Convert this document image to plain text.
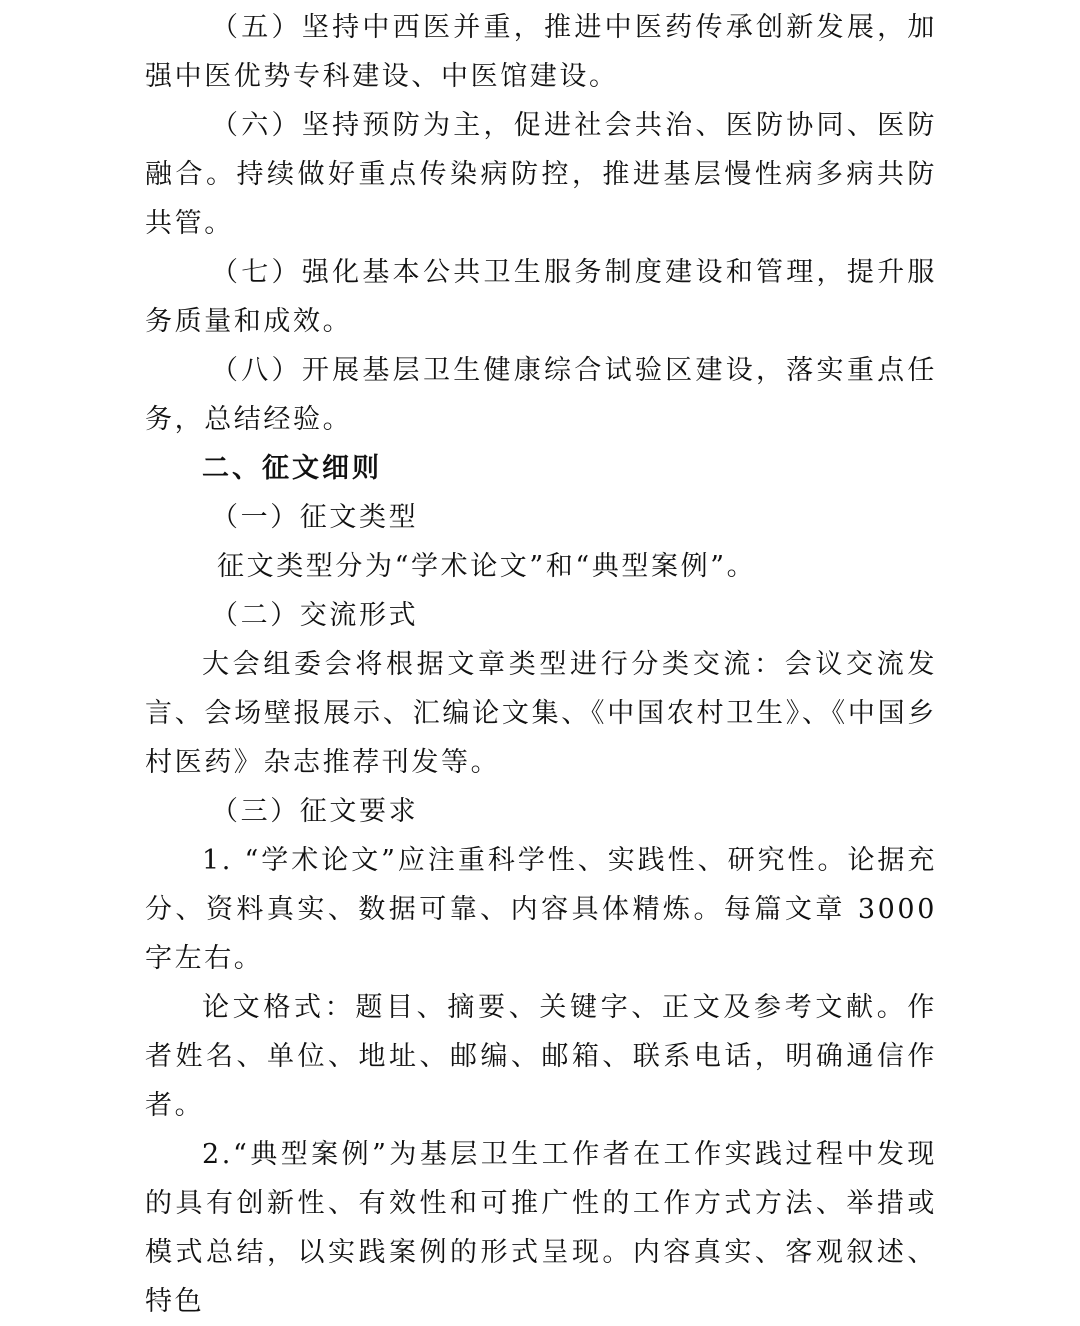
（五）坚持中西医并重，推进中医药传承创新发展，加强中医优势专科建设、中医馆建设。

（六）坚持预防为主，促进社会共治、医防协同、医防融合。持续做好重点传染病防控，推进基层慢性病多病共防共管。

（七）强化基本公共卫生服务制度建设和管理，提升服务质量和成效。

（八）开展基层卫生健康综合试验区建设，落实重点任务，总结经验。

二、征文细则

（一）征文类型

征文类型分为“学术论文”和“典型案例”。

（二）交流形式

大会组委会将根据文章类型进行分类交流：会议交流发言、会场壁报展示、汇编论文集、《中国农村卫生》、《中国乡村医药》杂志推荐刊发等。

（三）征文要求

1. “学术论文”应注重科学性、实践性、研究性。论据充分、资料真实、数据可靠、内容具体精炼。每篇文章 3000 字左右。

论文格式：题目、摘要、关键字、正文及参考文献。作者姓名、单位、地址、邮编、邮箱、联系电话，明确通信作者。

2.“典型案例”为基层卫生工作者在工作实践过程中发现的具有创新性、有效性和可推广性的工作方式方法、举措或模式总结，以实践案例的形式呈现。内容真实、客观叙述、特色
